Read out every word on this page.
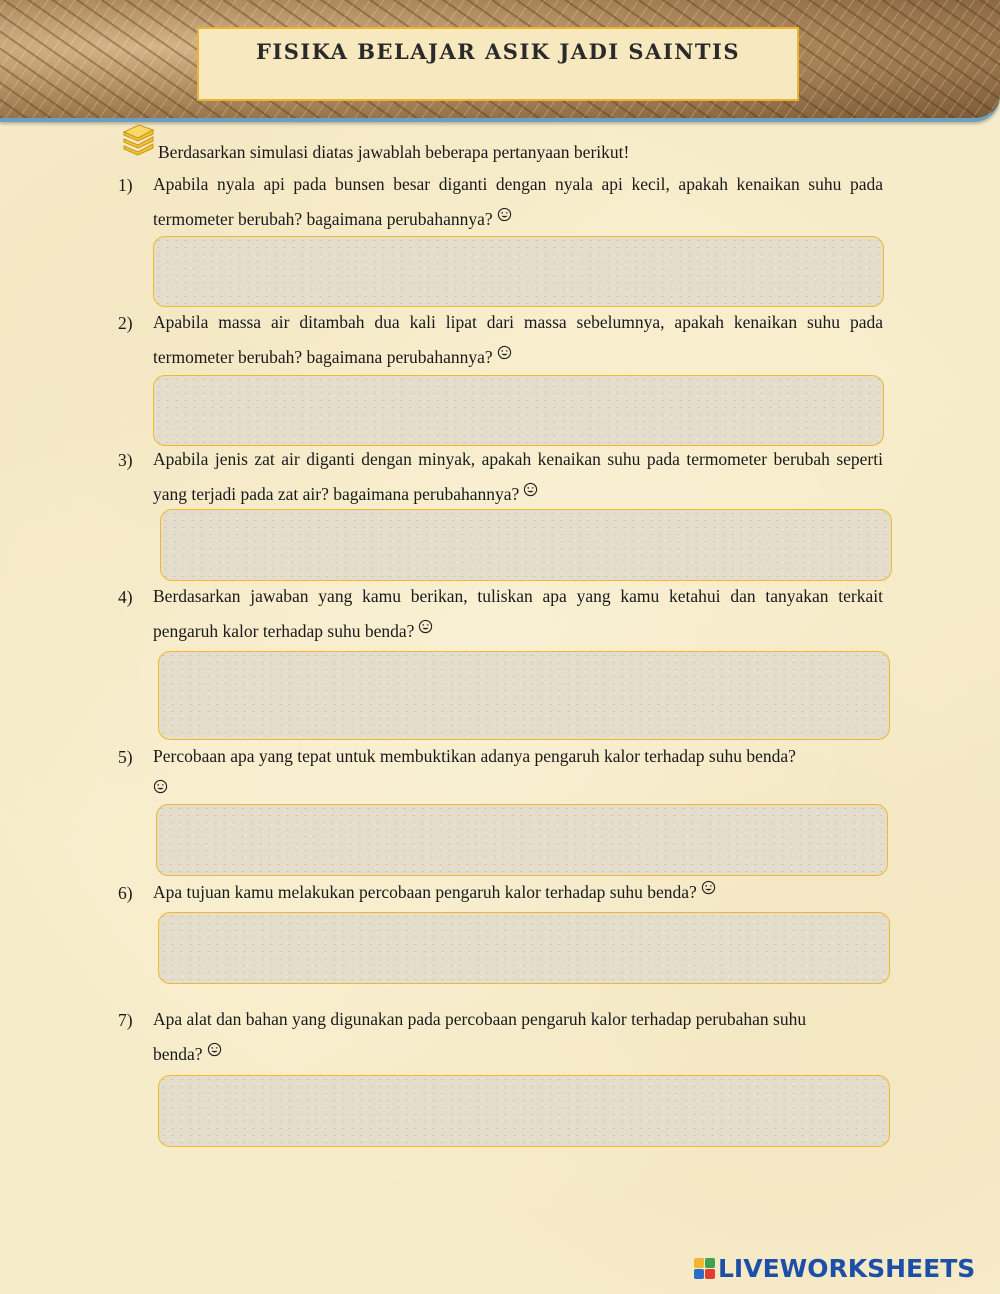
FISIKA BELAJAR ASIK JADI SAINTIS
Berdasarkan simulasi diatas jawablah beberapa pertanyaan berikut!
1) Apabila nyala api pada bunsen besar diganti dengan nyala api kecil, apakah kenaikan suhu pada termometer berubah? bagaimana perubahannya?
2) Apabila massa air ditambah dua kali lipat dari massa sebelumnya, apakah kenaikan suhu pada termometer berubah? bagaimana perubahannya?
3) Apabila jenis zat air diganti dengan minyak, apakah kenaikan suhu pada termometer berubah seperti yang terjadi pada zat air? bagaimana perubahannya?
4) Berdasarkan jawaban yang kamu berikan, tuliskan apa yang kamu ketahui dan tanyakan terkait pengaruh kalor terhadap suhu benda?
5) Percobaan apa yang tepat untuk membuktikan adanya pengaruh kalor terhadap suhu benda?

6) Apa tujuan kamu melakukan percobaan pengaruh kalor terhadap suhu benda?
7) Apa alat dan bahan yang digunakan pada percobaan pengaruh kalor terhadap perubahan suhu benda?
LIVEWORKSHEETS
